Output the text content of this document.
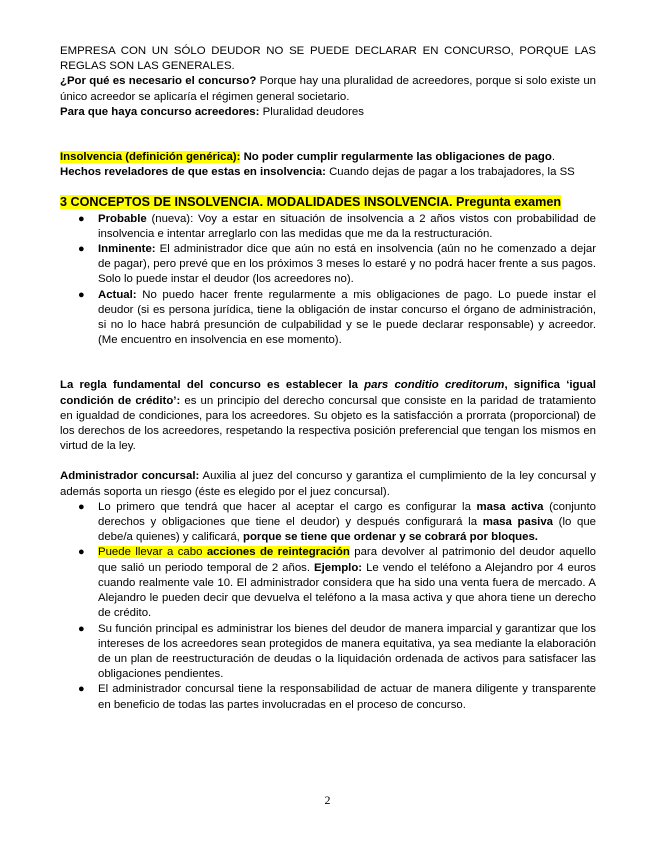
EMPRESA CON UN SÓLO DEUDOR NO SE PUEDE DECLARAR EN CONCURSO, PORQUE LAS REGLAS SON LAS GENERALES.

¿Por qué es necesario el concurso? Porque hay una pluralidad de acreedores, porque si solo existe un único acreedor se aplicaría el régimen general societario.

Para que haya concurso acreedores: Pluralidad deudores

Insolvencia (definición genérica): No poder cumplir regularmente las obligaciones de pago.

Hechos reveladores de que estas en insolvencia: Cuando dejas de pagar a los trabajadores, la SS

3 CONCEPTOS DE INSOLVENCIA. MODALIDADES INSOLVENCIA. Pregunta examen

● Probable (nueva): Voy a estar en situación de insolvencia a 2 años vistos con probabilidad de insolvencia e intentar arreglarlo con las medidas que me da la restructuración.
● Inminente: El administrador dice que aún no está en insolvencia (aún no he comenzado a dejar de pagar), pero prevé que en los próximos 3 meses lo estaré y no podrá hacer frente a sus pagos. Solo lo puede instar el deudor (los acreedores no).
● Actual: No puedo hacer frente regularmente a mis obligaciones de pago. Lo puede instar el deudor (si es persona jurídica, tiene la obligación de instar concurso el órgano de administración, si no lo hace habrá presunción de culpabilidad y se le puede declarar responsable) y acreedor. (Me encuentro en insolvencia en ese momento).

La regla fundamental del concurso es establecer la pars conditio creditorum, significa ‘igual condición de crédito’: es un principio del derecho concursal que consiste en la paridad de tratamiento en igualdad de condiciones, para los acreedores. Su objeto es la satisfacción a prorrata (proporcional) de los derechos de los acreedores, respetando la respectiva posición preferencial que tengan los mismos en virtud de la ley.

Administrador concursal: Auxilia al juez del concurso y garantiza el cumplimiento de la ley concursal y además soporta un riesgo (éste es elegido por el juez concursal).

● Lo primero que tendrá que hacer al aceptar el cargo es configurar la masa activa (conjunto derechos y obligaciones que tiene el deudor) y después configurará la masa pasiva (lo que debe/a quienes) y calificará, porque se tiene que ordenar y se cobrará por bloques.
● Puede llevar a cabo acciones de reintegración para devolver al patrimonio del deudor aquello que salió un periodo temporal de 2 años. Ejemplo: Le vendo el teléfono a Alejandro por 4 euros cuando realmente vale 10. El administrador considera que ha sido una venta fuera de mercado. A Alejandro le pueden decir que devuelva el teléfono a la masa activa y que ahora tiene un derecho de crédito.
● Su función principal es administrar los bienes del deudor de manera imparcial y garantizar que los intereses de los acreedores sean protegidos de manera equitativa, ya sea mediante la elaboración de un plan de reestructuración de deudas o la liquidación ordenada de activos para satisfacer las obligaciones pendientes.
● El administrador concursal tiene la responsabilidad de actuar de manera diligente y transparente en beneficio de todas las partes involucradas en el proceso de concurso.
2
